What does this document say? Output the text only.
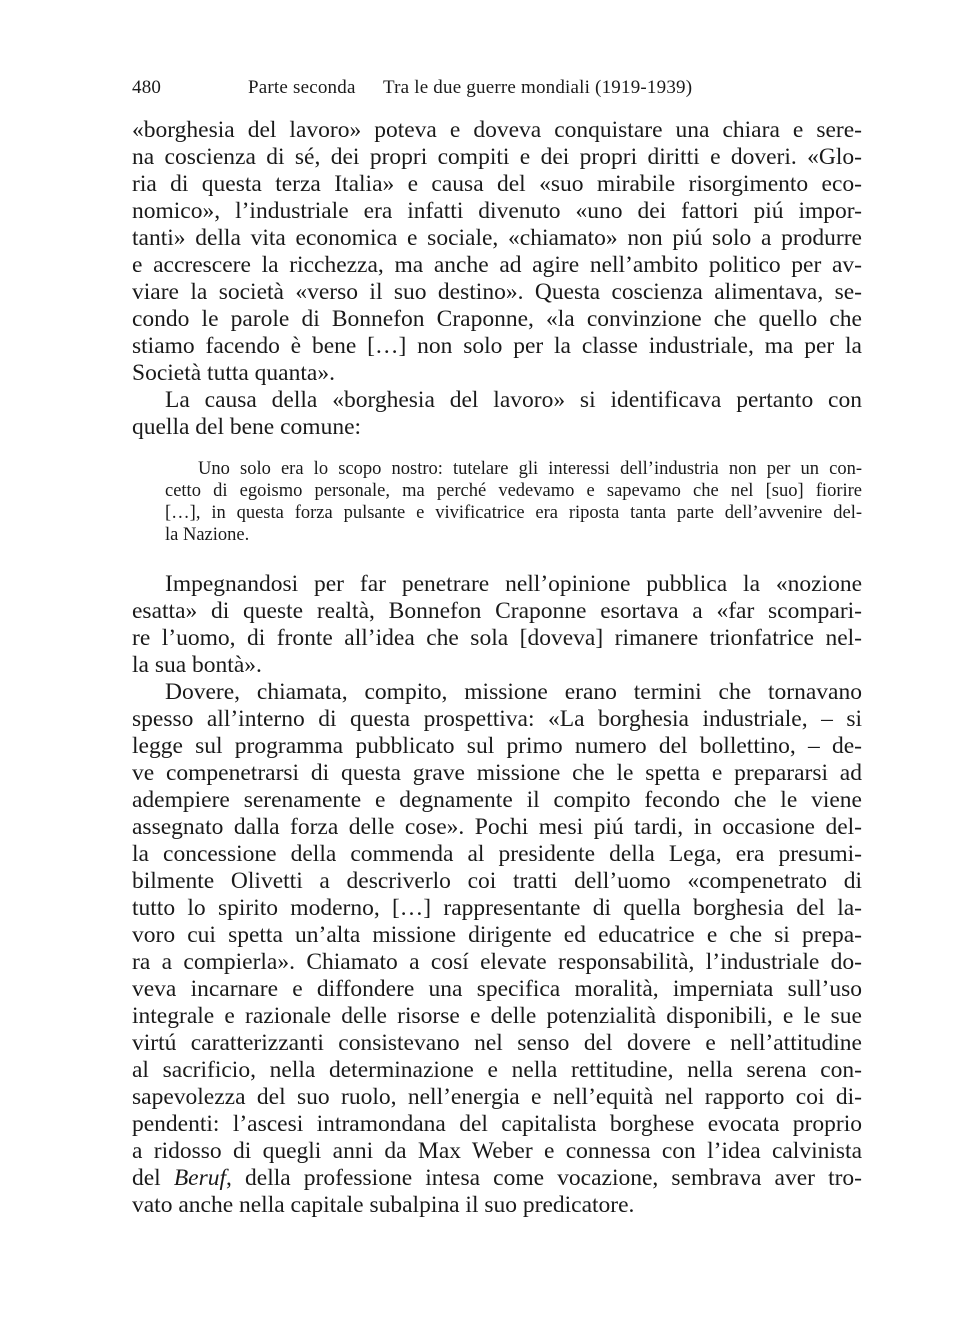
480	Parte seconda Tra le due guerre mondiali (1919-1939)
«borghesia del lavoro» poteva e doveva conquistare una chiara e sere-
na coscienza di sé, dei propri compiti e dei propri diritti e doveri. «Glo-
ria di questa terza Italia» e causa del «suo mirabile risorgimento eco-
nomico», l’industriale era infatti divenuto «uno dei fattori piú impor-
tanti» della vita economica e sociale, «chiamato» non piú solo a produrre
e accrescere la ricchezza, ma anche ad agire nell’ambito politico per av-
viare la società «verso il suo destino». Questa coscienza alimentava, se-
condo le parole di Bonnefon Craponne, «la convinzione che quello che
stiamo facendo è bene […] non solo per la classe industriale, ma per la
Società tutta quanta».
La causa della «borghesia del lavoro» si identificava pertanto con
quella del bene comune:
Uno solo era lo scopo nostro: tutelare gli interessi dell’industria non per un con-
cetto di egoismo personale, ma perché vedevamo e sapevamo che nel [suo] fiorire
[…], in questa forza pulsante e vivificatrice era riposta tanta parte dell’avvenire del-
la Nazione.
Impegnandosi per far penetrare nell’opinione pubblica la «nozione
esatta» di queste realtà, Bonnefon Craponne esortava a «far scompari-
re l’uomo, di fronte all’idea che sola [doveva] rimanere trionfatrice nel-
la sua bontà».
Dovere, chiamata, compito, missione erano termini che tornavano
spesso all’interno di questa prospettiva: «La borghesia industriale, – si
legge sul programma pubblicato sul primo numero del bollettino, – de-
ve compenetrarsi di questa grave missione che le spetta e prepararsi ad
adempiere serenamente e degnamente il compito fecondo che le viene
assegnato dalla forza delle cose». Pochi mesi piú tardi, in occasione del-
la concessione della commenda al presidente della Lega, era presumi-
bilmente Olivetti a descriverlo coi tratti dell’uomo «compenetrato di
tutto lo spirito moderno, […] rappresentante di quella borghesia del la-
voro cui spetta un’alta missione dirigente ed educatrice e che si prepa-
ra a compierla». Chiamato a cosí elevate responsabilità, l’industriale do-
veva incarnare e diffondere una specifica moralità, imperniata sull’uso
integrale e razionale delle risorse e delle potenzialità disponibili, e le sue
virtú caratterizzanti consistevano nel senso del dovere e nell’attitudine
al sacrificio, nella determinazione e nella rettitudine, nella serena con-
sapevolezza del suo ruolo, nell’energia e nell’equità nel rapporto coi di-
pendenti: l’ascesi intramondana del capitalista borghese evocata proprio
a ridosso di quegli anni da Max Weber e connessa con l’idea calvinista
del Beruf, della professione intesa come vocazione, sembrava aver tro-
vato anche nella capitale subalpina il suo predicatore.
